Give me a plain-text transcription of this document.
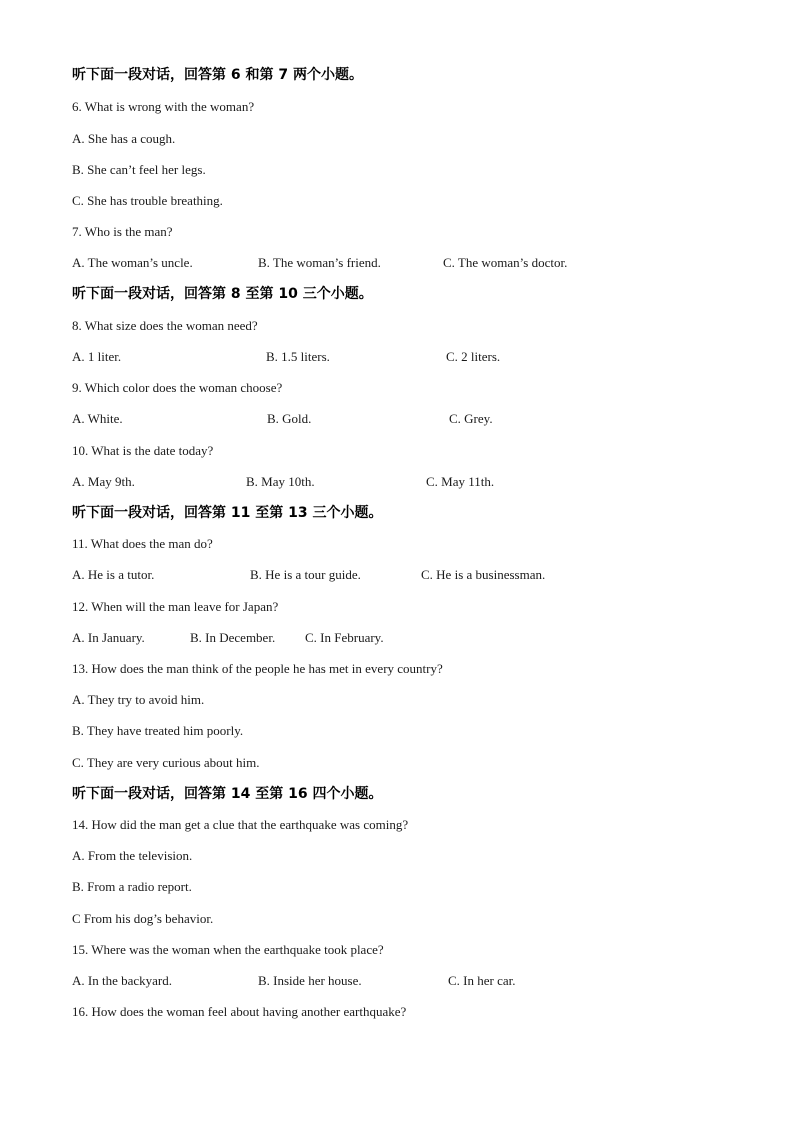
听下面一段对话，回答第 6 和第 7 两个小题。
6. What is wrong with the woman?
A. She has a cough.
B. She can’t feel her legs.
C. She has trouble breathing.
7. Who is the man?
A. The woman’s uncle.	B. The woman’s friend.	C. The woman’s doctor.
听下面一段对话，回答第 8 至第 10 三个小题。
8. What size does the woman need?
A. 1 liter.	B. 1.5 liters.	C. 2 liters.
9. Which color does the woman choose?
A. White.	B. Gold.	C. Grey.
10. What is the date today?
A. May 9th.	B. May 10th.	C. May 11th.
听下面一段对话，回答第 11 至第 13 三个小题。
11. What does the man do?
A. He is a tutor.	B. He is a tour guide.	C. He is a businessman.
12. When will the man leave for Japan?
A. In January.	B. In December. C. In February.
13. How does the man think of the people he has met in every country?
A. They try to avoid him.
B. They have treated him poorly.
C. They are very curious about him.
听下面一段对话，回答第 14 至第 16 四个小题。
14. How did the man get a clue that the earthquake was coming?
A. From the television.
B. From a radio report.
C From his dog’s behavior.
15. Where was the woman when the earthquake took place?
A. In the backyard.	B. Inside her house.	C. In her car.
16. How does the woman feel about having another earthquake?
